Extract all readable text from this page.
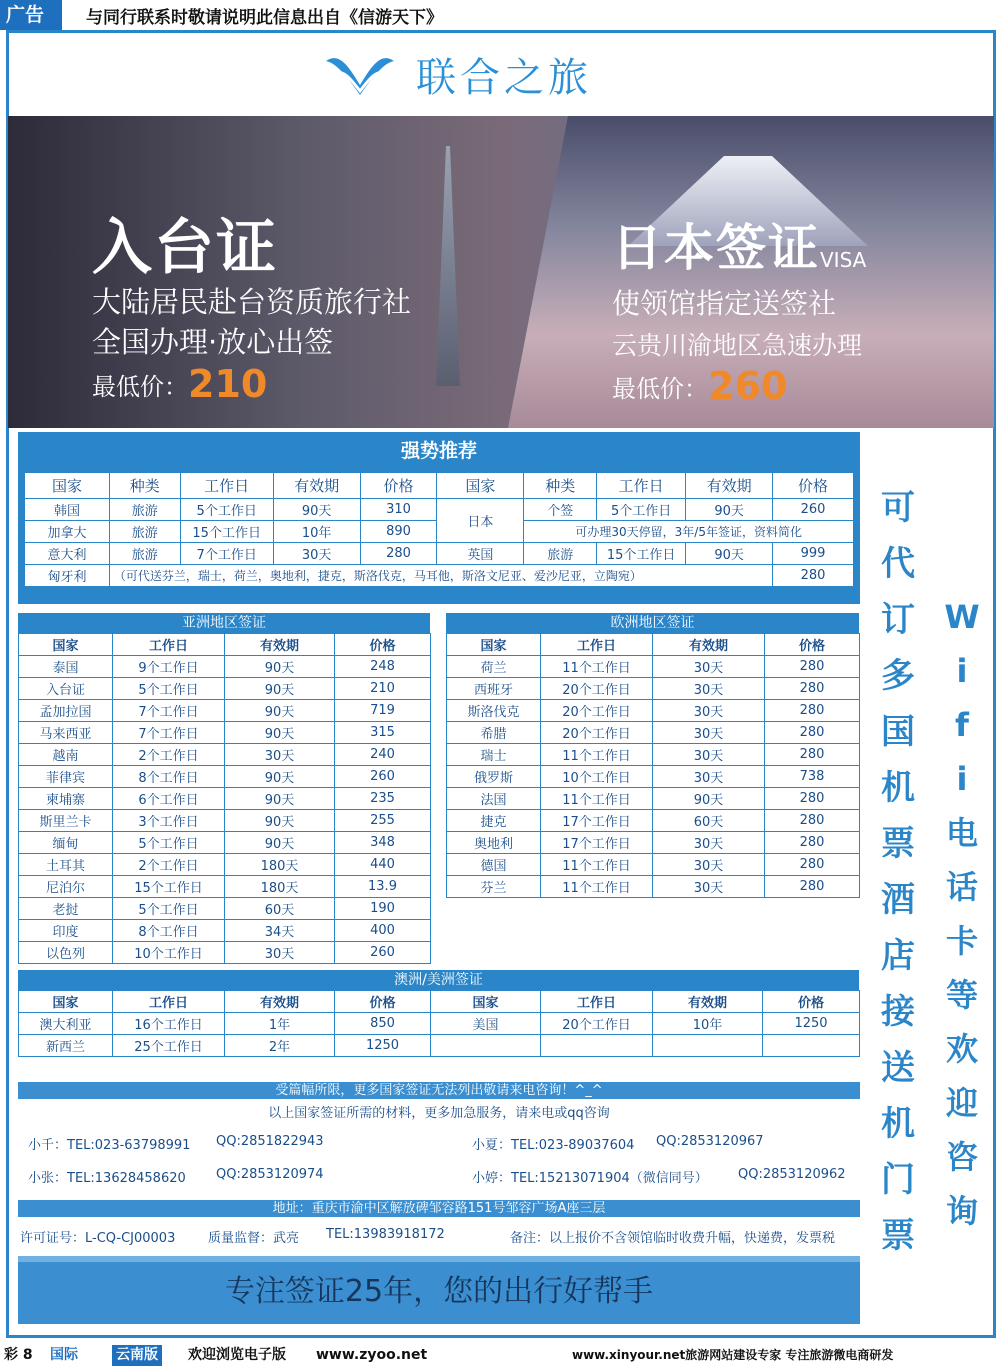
广告	与同行联系时敬请说明此信息出自《信游天下》
联合之旅
入台证
大陆居民赴台资质旅行社
全国办理·放心出签
最低价： 210
日本签证 VISA
使领馆指定送签社
云贵川渝地区急速办理
最低价： 260
国家	种类	工作日	有效期	价格	国家	种类	工作日	有效期	价格
韩国	旅游	5个工作日	90天	310	日本	个签	5个工作日	90天	260
加拿大	旅游	15个工作日	10年	890		可办理30天停留，3年/5年签证，资料简化			
意大利	旅游	7个工作日	30天	280	英国	旅游	15个工作日	90天	999
匈牙利	（可代送芬兰，瑞士，荷兰，奥地利，捷克，斯洛伐克，马耳他，斯洛文尼亚、爱沙尼亚，立陶宛）								280
强势推荐
亚洲地区签证
国家	工作日	有效期	价格
泰国	9个工作日	90天	248
入台证	5个工作日	90天	210
孟加拉国	7个工作日	90天	719
马来西亚	7个工作日	90天	315
越南	2个工作日	30天	240
菲律宾	8个工作日	90天	260
柬埔寨	6个工作日	90天	235
斯里兰卡	3个工作日	90天	255
缅甸	5个工作日	90天	348
土耳其	2个工作日	180天	440
尼泊尔	15个工作日	180天	13.9
老挝	5个工作日	60天	190
印度	8个工作日	34天	400
以色列	10个工作日	30天	260
欧洲地区签证
国家	工作日	有效期	价格
荷兰	11个工作日	30天	280
西班牙	20个工作日	30天	280
斯洛伐克	20个工作日	30天	280
希腊	20个工作日	30天	280
瑞士	11个工作日	30天	280
俄罗斯	10个工作日	30天	738
法国	11个工作日	90天	280
捷克	17个工作日	60天	280
奥地利	17个工作日	30天	280
德国	11个工作日	30天	280
芬兰	11个工作日	30天	280
澳洲/美洲签证
国家	工作日	有效期	价格	国家	工作日	有效期	价格
澳大利亚	16个工作日	1年	850	美国	20个工作日	10年	1250
新西兰	25个工作日	2年	1250				
可
代
订
多
国
机
票
酒
店
接
送
机
门
票
W
i
f
i
电
话
卡
等
欢
迎
咨
询
受篇幅所限，更多国家签证无法列出敬请来电咨询！^_^
以上国家签证所需的材料，更多加急服务，请来电或qq咨询
小千：TEL:023-63798991 QQ:2851822943	小夏：TEL:023-89037604 QQ:2853120967
小张：TEL:13628458620 QQ:2853120974	小婷：TEL:15213071904（微信同号） QQ:2853120962
地址：重庆市渝中区解放碑邹容路151号邹容广场A座三层
许可证号：L-CQ-CJ00003	质量监督：武亮 TEL:13983918172	备注：以上报价不含领馆临时收费升幅，快递费，发票税
专注签证25年，您的出行好帮手
彩 8 国际	云南版 欢迎浏览电子版 www.zyoo.net	www.xinyour.net旅游网站建设专家 专注旅游微电商研发
